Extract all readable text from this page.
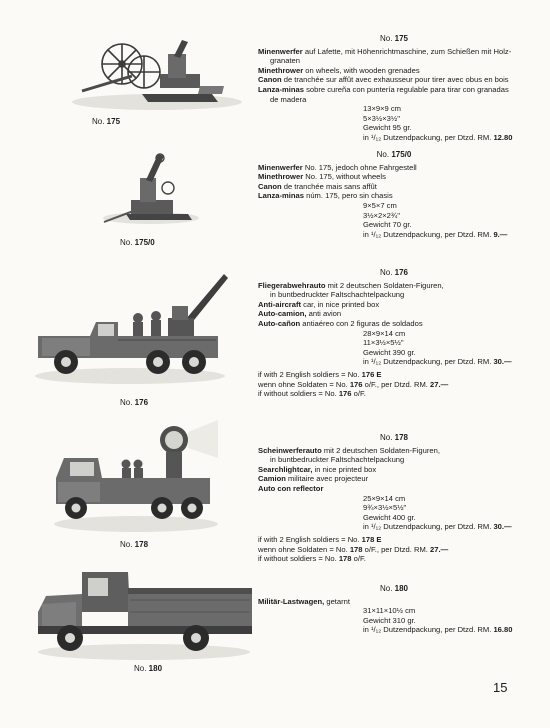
No. 175
No. 175/0
No. 176
No. 178
No. 180
No. 175
Minenwerfer auf Lafette, mit Höhenrichtmaschine, zum Schießen mit Holz-
granaten
Minethrower on wheels, with wooden grenades
Canon de tranchée sur affût avec exhausseur pour tirer avec obus en bois
Lanza-minas sobre cureña con puntería regulable para tirar con granadas
de madera
13×9×9 cm
5×3½×3½"
Gewicht 95 gr.
in ¹/₁₂ Dutzendpackung, per Dtzd. RM. 12.80
No. 175/0
Minenwerfer No. 175, jedoch ohne Fahrgestell
Minethrower No. 175, without wheels
Canon de tranchée mais sans affût
Lanza-minas núm. 175, pero sin chasis
9×5×7 cm
3½×2×2¾"
Gewicht 70 gr.
in ¹/₁₂ Dutzendpackung, per Dtzd. RM. 9.—
No. 176
Fliegerabwehrauto mit 2 deutschen Soldaten-Figuren,
in buntbedruckter Faltschachtelpackung
Anti-aircraft car, in nice printed box
Auto-camion, anti avion
Auto-cañon antiaéreo con 2 figuras de soldados
28×9×14 cm
11×3½×5½"
Gewicht 390 gr.
in ¹/₁₂ Dutzendpackung, per Dtzd. RM. 30.—
if with 2 English soldiers = No. 176 E
wenn ohne Soldaten = No. 176 o/F., per Dtzd. RM. 27.—
if without soldiers = No. 176 o/F.
No. 178
Scheinwerferauto mit 2 deutschen Soldaten-Figuren,
in buntbedruckter Faltschachtelpackung
Searchlightcar, in nice printed box
Camion militaire avec projecteur
Auto con reflector
25×9×14 cm
9¾×3½×5½"
Gewicht 400 gr.
in ¹/₁₂ Dutzendpackung, per Dtzd. RM. 30.—
if with 2 English soldiers = No. 178 E
wenn ohne Soldaten = No. 178 o/F., per Dtzd. RM. 27.—
if without soldiers = No. 178 o/F.
No. 180
Militär-Lastwagen, getarnt
31×11×10½ cm
Gewicht 310 gr.
in ¹/₁₂ Dutzendpackung, per Dtzd. RM. 16.80
15
